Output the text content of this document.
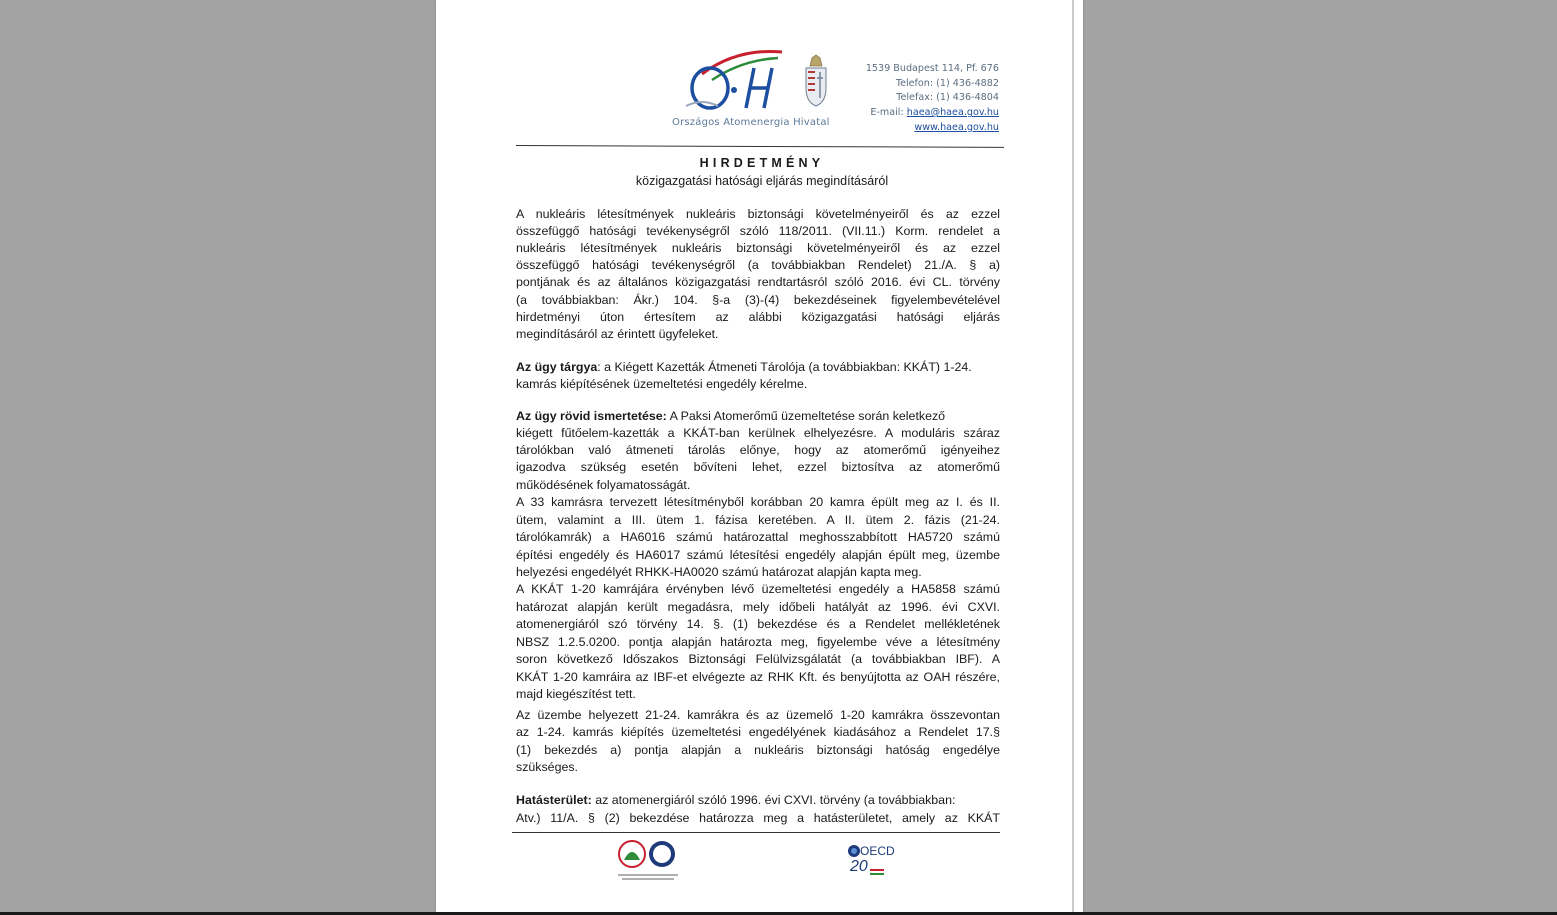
Országos Atomenergia Hivatal
1539 Budapest 114, Pf. 676
Telefon: (1) 436-4882
Telefax: (1) 436-4804
E-mail: haea@haea.gov.hu
www.haea.gov.hu
HIRDETMÉNY
közigazgatási hatósági eljárás megindításáról
A nukleáris létesítmények nukleáris biztonsági követelményeiről és az ezzel
összefüggő hatósági tevékenységről szóló 118/2011. (VII.11.) Korm. rendelet a
nukleáris létesítmények nukleáris biztonsági követelményeiről és az ezzel
összefüggő hatósági tevékenységről (a továbbiakban Rendelet) 21./A. § a)
pontjának és az általános közigazgatási rendtartásról szóló 2016. évi CL. törvény
(a továbbiakban: Ákr.) 104. §-a (3)-(4) bekezdéseinek figyelembevételével
hirdetményi úton értesítem az alábbi közigazgatási hatósági eljárás
megindításáról az érintett ügyfeleket.
Az ügy tárgya: a Kiégett Kazetták Átmeneti Tárolója (a továbbiakban: KKÁT) 1-24.
kamrás kiépítésének üzemeltetési engedély kérelme.
Az ügy rövid ismertetése: A Paksi Atomerőmű üzemeltetése során keletkező
kiégett fűtőelem-kazetták a KKÁT-ban kerülnek elhelyezésre. A moduláris száraz
tárolókban való átmeneti tárolás előnye, hogy az atomerőmű igényeihez
igazodva szükség esetén bővíteni lehet, ezzel biztosítva az atomerőmű
működésének folyamatosságát.
A 33 kamrásra tervezett létesítményből korábban 20 kamra épült meg az I. és II.
ütem, valamint a III. ütem 1. fázisa keretében. A II. ütem 2. fázis (21-24.
tárolókamrák) a HA6016 számú határozattal meghosszabbított HA5720 számú
építési engedély és HA6017 számú létesítési engedély alapján épült meg, üzembe
helyezési engedélyét RHKK-HA0020 számú határozat alapján kapta meg.
A KKÁT 1-20 kamrájára érvényben lévő üzemeltetési engedély a HA5858 számú
határozat alapján került megadásra, mely időbeli hatályát az 1996. évi CXVI.
atomenergiáról szó törvény 14. §. (1) bekezdése és a Rendelet mellékletének
NBSZ 1.2.5.0200. pontja alapján határozta meg, figyelembe véve a létesítmény
soron következő Időszakos Biztonsági Felülvizsgálatát (a továbbiakban IBF). A
KKÁT 1-20 kamráira az IBF-et elvégezte az RHK Kft. és benyújtotta az OAH részére,
majd kiegészítést tett.
Az üzembe helyezett 21-24. kamrákra és az üzemelő 1-20 kamrákra összevontan
az 1-24. kamrás kiépítés üzemeltetési engedélyének kiadásához a Rendelet 17.§
(1) bekezdés a) pontja alapján a nukleáris biztonsági hatóság engedélye
szükséges.
Hatásterület: az atomenergiáról szóló 1996. évi CXVI. törvény (a továbbiakban:
Atv.) 11/A. § (2) bekezdése határozza meg a hatásterületet, amely az KKÁT
OECD
20
